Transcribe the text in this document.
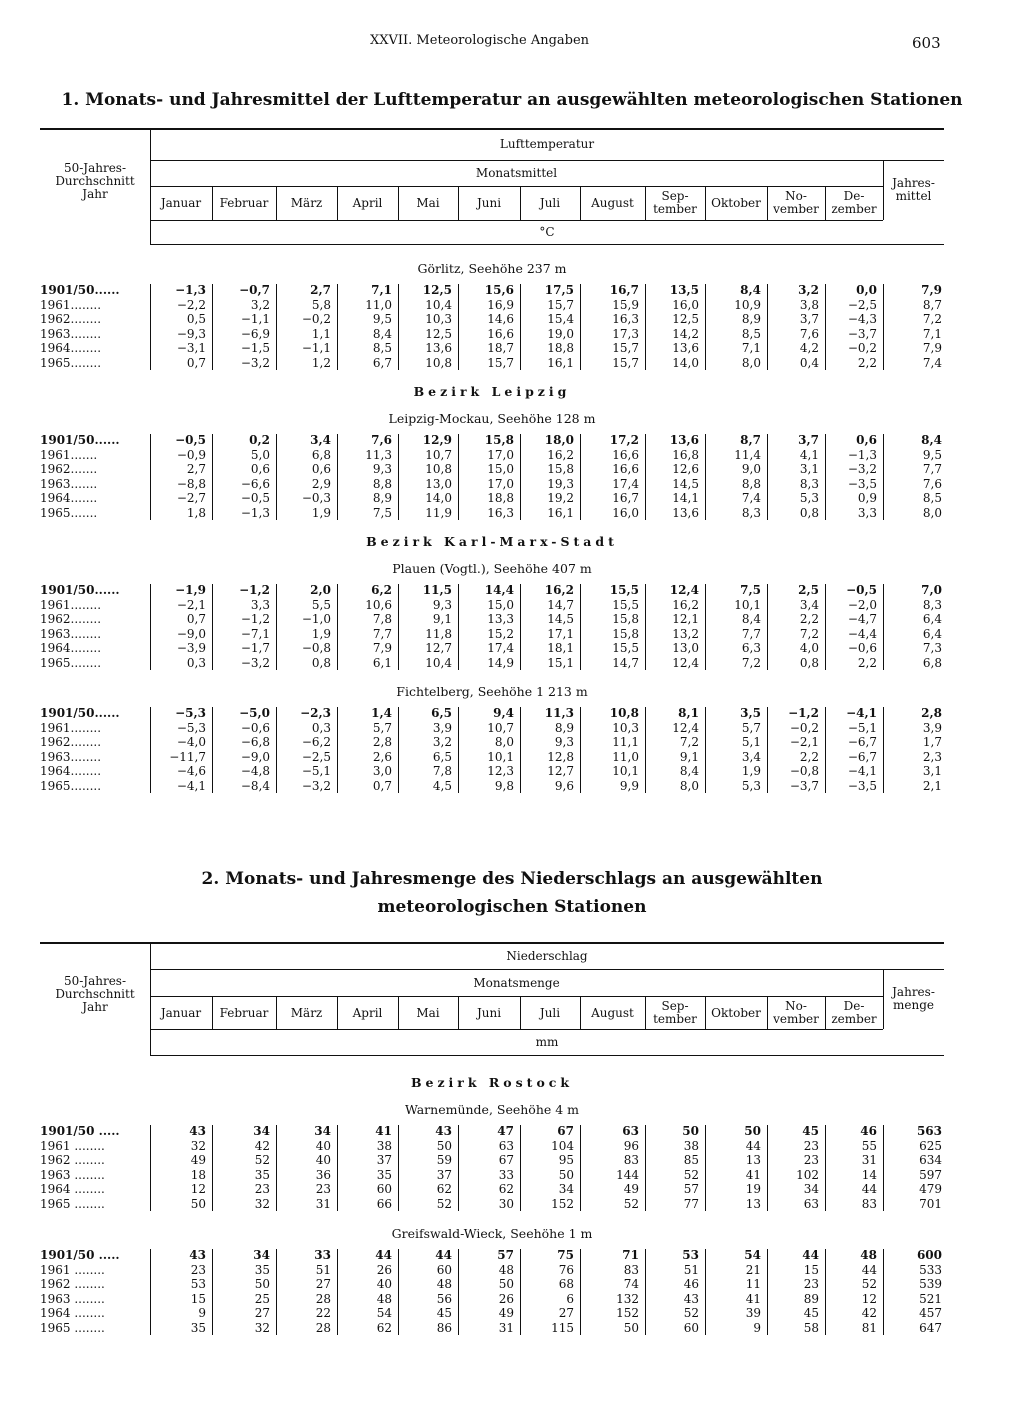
XXVII. Meteorologische Angaben	603
1. Monats- und Jahresmittel der Lufttemperatur an ausgewählten meteorologischen Stationen
50-Jahres-
Durchschnitt
Jahr
Lufttemperatur
Monatsmittel
Jahres-
mittel
Januar	Februar	März	April	Mai	Juni	Juli	August	Sep-
tember	Oktober	No-
vember
De-
zember
°C
Görlitz, Seehöhe 237 m
1901/50......	−1,3	−0,7	2,7	7,1	12,5	15,6	17,5	16,7	13,5	8,4	3,2	0,0	7,9
1961........	−2,2	3,2	5,8	11,0	10,4	16,9	15,7	15,9	16,0	10,9	3,8 −2,5	8,7
1962........	0,5	−1,1	−0,2	9,5	10,3	14,6	15,4	16,3	12,5	8,9	3,7 −4,3	7,2
1963........	−9,3	−6,9	1,1	8,4	12,5	16,6	19,0	17,3	14,2	8,5	7,6 −3,7	7,1
1964........	−3,1	−1,5	−1,1	8,5	13,6	18,7	18,8	15,7	13,6	7,1	4,2 −0,2	7,9
1965........	0,7	−3,2	1,2	6,7	10,8	15,7	16,1	15,7	14,0	8,0	0,4	2,2	7,4
Bezirk Leipzig
Leipzig-Mockau, Seehöhe 128 m
1901/50......	−0,5	0,2	3,4	7,6	12,9	15,8	18,0	17,2	13,6	8,7	3,7	0,6	8,4
1961.......	−0,9	5,0	6,8	11,3	10,7	17,0	16,2	16,6	16,8	11,4	4,1 −1,3	9,5
1962.......	2,7	0,6	0,6	9,3	10,8	15,0	15,8	16,6	12,6	9,0	3,1 −3,2	7,7
1963.......	−8,8	−6,6	2,9	8,8	13,0	17,0	19,3	17,4	14,5	8,8	8,3 −3,5	7,6
1964.......	−2,7	−0,5	−0,3	8,9	14,0	18,8	19,2	16,7	14,1	7,4	5,3	0,9	8,5
1965.......	1,8	−1,3	1,9	7,5	11,9	16,3	16,1	16,0	13,6	8,3	0,8	3,3	8,0
Bezirk Karl-Marx-Stadt
Plauen (Vogtl.), Seehöhe 407 m
1901/50......	−1,9	−1,2	2,0	6,2	11,5	14,4	16,2	15,5	12,4	7,5	2,5 −0,5	7,0
1961........	−2,1	3,3	5,5	10,6	9,3	15,0	14,7	15,5	16,2	10,1	3,4 −2,0	8,3
1962........	0,7	−1,2	−1,0	7,8	9,1	13,3	14,5	15,8	12,1	8,4	2,2 −4,7	6,4
1963........	−9,0	−7,1	1,9	7,7	11,8	15,2	17,1	15,8	13,2	7,7	7,2 −4,4	6,4
1964........	−3,9	−1,7	−0,8	7,9	12,7	17,4	18,1	15,5	13,0	6,3	4,0 −0,6	7,3
1965........	0,3	−3,2	0,8	6,1	10,4	14,9	15,1	14,7	12,4	7,2	0,8	2,2	6,8
Fichtelberg, Seehöhe 1 213 m
1901/50......	−5,3	−5,0	−2,3	1,4	6,5	9,4	11,3	10,8	8,1	3,5 −1,2 −4,1	2,8
1961........	−5,3	−0,6	0,3	5,7	3,9	10,7	8,9	10,3	12,4	5,7 −0,2 −5,1	3,9
1962........	−4,0	−6,8	−6,2	2,8	3,2	8,0	9,3	11,1	7,2	5,1 −2,1 −6,7	1,7
1963........	−11,7	−9,0	−2,5	2,6	6,5	10,1	12,8	11,0	9,1	3,4	2,2 −6,7	2,3
1964........	−4,6	−4,8	−5,1	3,0	7,8	12,3	12,7	10,1	8,4	1,9 −0,8 −4,1	3,1
1965........	−4,1	−8,4	−3,2	0,7	4,5	9,8	9,6	9,9	8,0	5,3 −3,7 −3,5	2,1
2. Monats- und Jahresmenge des Niederschlags an ausgewählten
meteorologischen Stationen
50-Jahres-
Durchschnitt
Jahr
Niederschlag
Monatsmenge
Jahres-
menge
Januar	Februar	März	April	Mai	Juni	Juli	August	Sep-
tember	Oktober	No-
vember
De-
zember
mm
Bezirk Rostock
Warnemünde, Seehöhe 4 m
1901/50 .....	43	34	34	41	43	47	67	63	50	50	45	46	563
1961 ........	32	42	40	38	50	63	104	96	38	44	23	55	625
1962 ........	49	52	40	37	59	67	95	83	85	13	23	31	634
1963 ........	18	35	36	35	37	33	50	144	52	41	102	14	597
1964 ........	12	23	23	60	62	62	34	49	57	19	34	44	479
1965 ........	50	32	31	66	52	30	152	52	77	13	63	83	701
Greifswald-Wieck, Seehöhe 1 m
1901/50 .....	43	34	33	44	44	57	75	71	53	54	44	48	600
1961 ........	23	35	51	26	60	48	76	83	51	21	15	44	533
1962 ........	53	50	27	40	48	50	68	74	46	11	23	52	539
1963 ........	15	25	28	48	56	26	6	132	43	41	89	12	521
1964 ........	9	27	22	54	45	49	27	152	52	39	45	42	457
1965 ........	35	32	28	62	86	31	115	50	60	9	58	81	647
